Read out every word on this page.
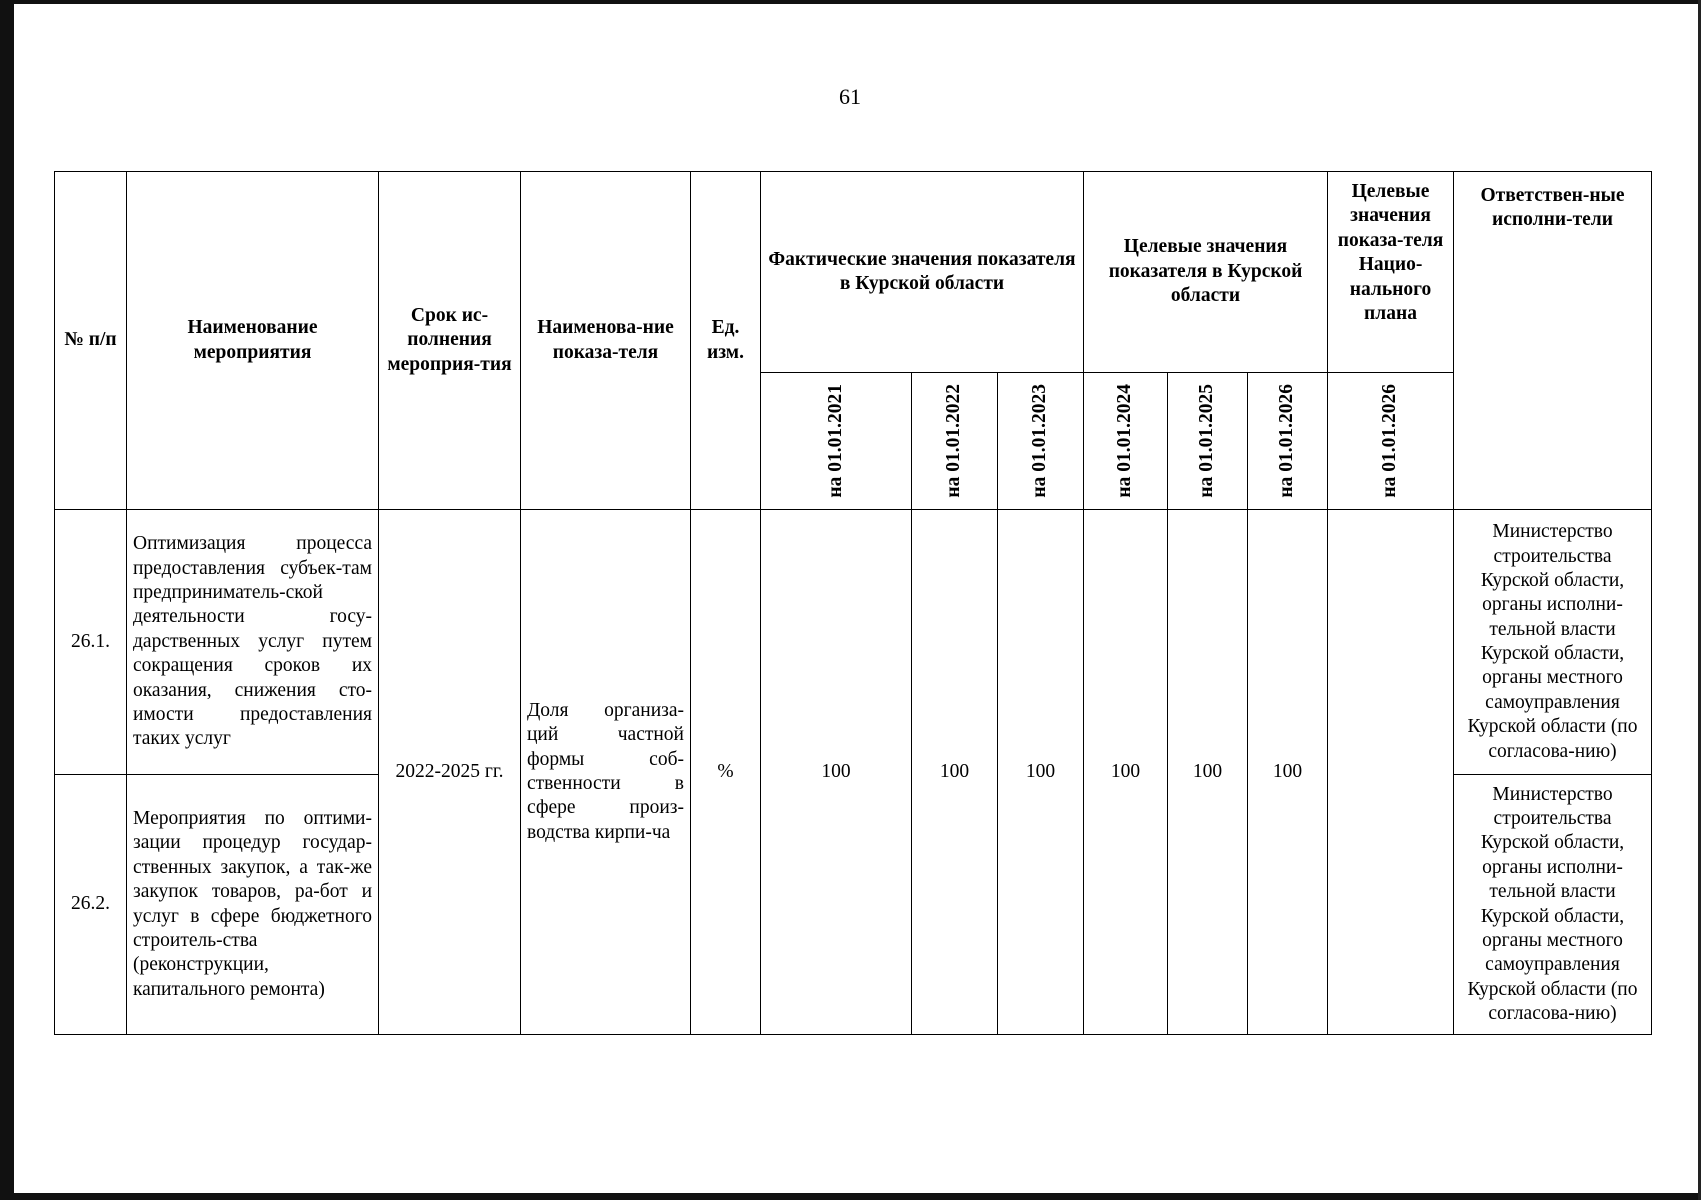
61
№ п/п	Наименование мероприятия	Срок ис-полнения мероприя-тия	Наименова-ние показа-теля	Ед. изм.	Фактические значения показателя в Курской области			Целевые значения показателя в Курской области			Целевые значения показа-теля Нацио-нального плана	Ответствен-ные исполни-тели

					на 01.01.2021	на 01.01.2022	на 01.01.2023	на 01.01.2024	на 01.01.2025	на 01.01.2026	на 01.01.2026	

26.1.	Оптимизация процесса предоставления субъек-там предприниматель-ской деятельности госу-дарственных услуг путем сокращения сроков их оказания, снижения сто-имости предоставления таких услуг	2022-2025 гг.	Доля организа-ций частной формы соб-ственности в сфере произ-водства кирпи-ча	%	100	100	100	100	100	100		Министерство строительства Курской области, органы исполни-тельной власти Курской области, органы местного самоуправления Курской области (по согласова-нию)
26.2.	Мероприятия по оптими-зации процедур государ-ственных закупок, а так-же закупок товаров, ра-бот и услуг в сфере бюджетного строитель-ства (реконструкции, капитального ремонта)											Министерство строительства Курской области, органы исполни-тельной власти Курской области, органы местного самоуправления Курской области (по согласова-нию)
